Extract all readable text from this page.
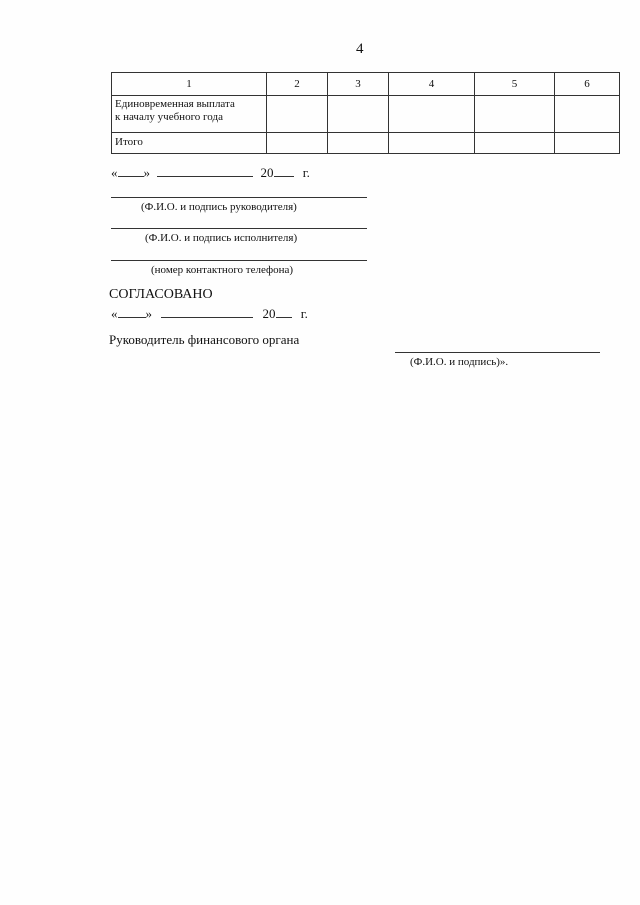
4
1	2	3	4	5	6

Единовременная выплата
к началу учебного года					

Итого					
« »	20 г.
(Ф.И.О. и подпись руководителя)
(Ф.И.О. и подпись исполнителя)
(номер контактного телефона)
СОГЛАСОВАНО
« »	20 г.
Руководитель финансового органа
(Ф.И.О. и подпись)».
